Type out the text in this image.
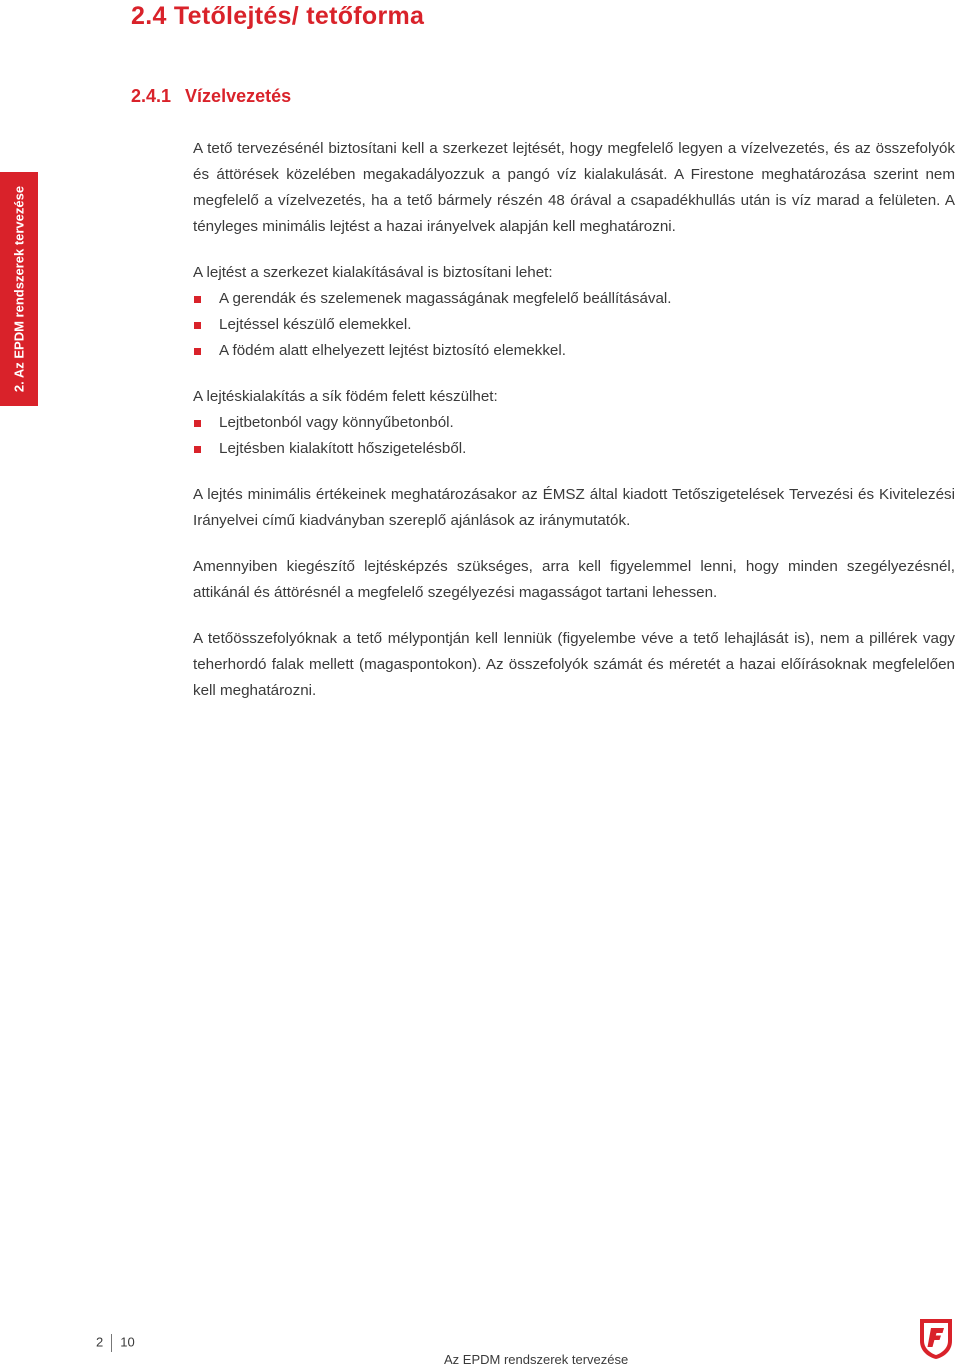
2.4 Tetőlejtés/ tetőforma
2.4.1 Vízelvezetés
2. Az EPDM rendszerek tervezése

A tető tervezésénél biztosítani kell a szerkezet lejtését, hogy megfelelő legyen a vízelvezetés, és az összefolyók és áttörések közelében megakadályozzuk a pangó víz kialakulását. A Firestone meghatározása szerint nem megfelelő a vízelvezetés, ha a tető bármely részén 48 órával a csapadékhullás után is víz marad a felületen. A tényleges minimális lejtést a hazai irányelvek alapján kell meghatározni.

A lejtést a szerkezet kialakításával is biztosítani lehet:

A gerendák és szelemenek magasságának megfelelő beállításával.
Lejtéssel készülő elemekkel.
A födém alatt elhelyezett lejtést biztosító elemekkel.

A lejtéskialakítás a sík födém felett készülhet:

Lejtbetonból vagy könnyűbetonból.
Lejtésben kialakított hőszigetelésből.

A lejtés minimális értékeinek meghatározásakor az ÉMSZ által kiadott Tetőszigetelések Tervezési és Kivitelezési Irányelvei című kiadványban szereplő ajánlások az iránymutatók.

Amennyiben kiegészítő lejtésképzés szükséges, arra kell figyelemmel lenni, hogy minden szegélyezésnél, attikánál és áttörésnél a megfelelő szegélyezési magasságot tartani lehessen.

A tetőösszefolyóknak a tető mélypontján kell lenniük (figyelembe véve a tető lehajlását is), nem a pillérek vagy teherhordó falak mellett (magaspontokon). Az összefolyók számát és méretét a hazai előírásoknak megfelelően kell meghatározni.

2 10
Az EPDM rendszerek tervezése
